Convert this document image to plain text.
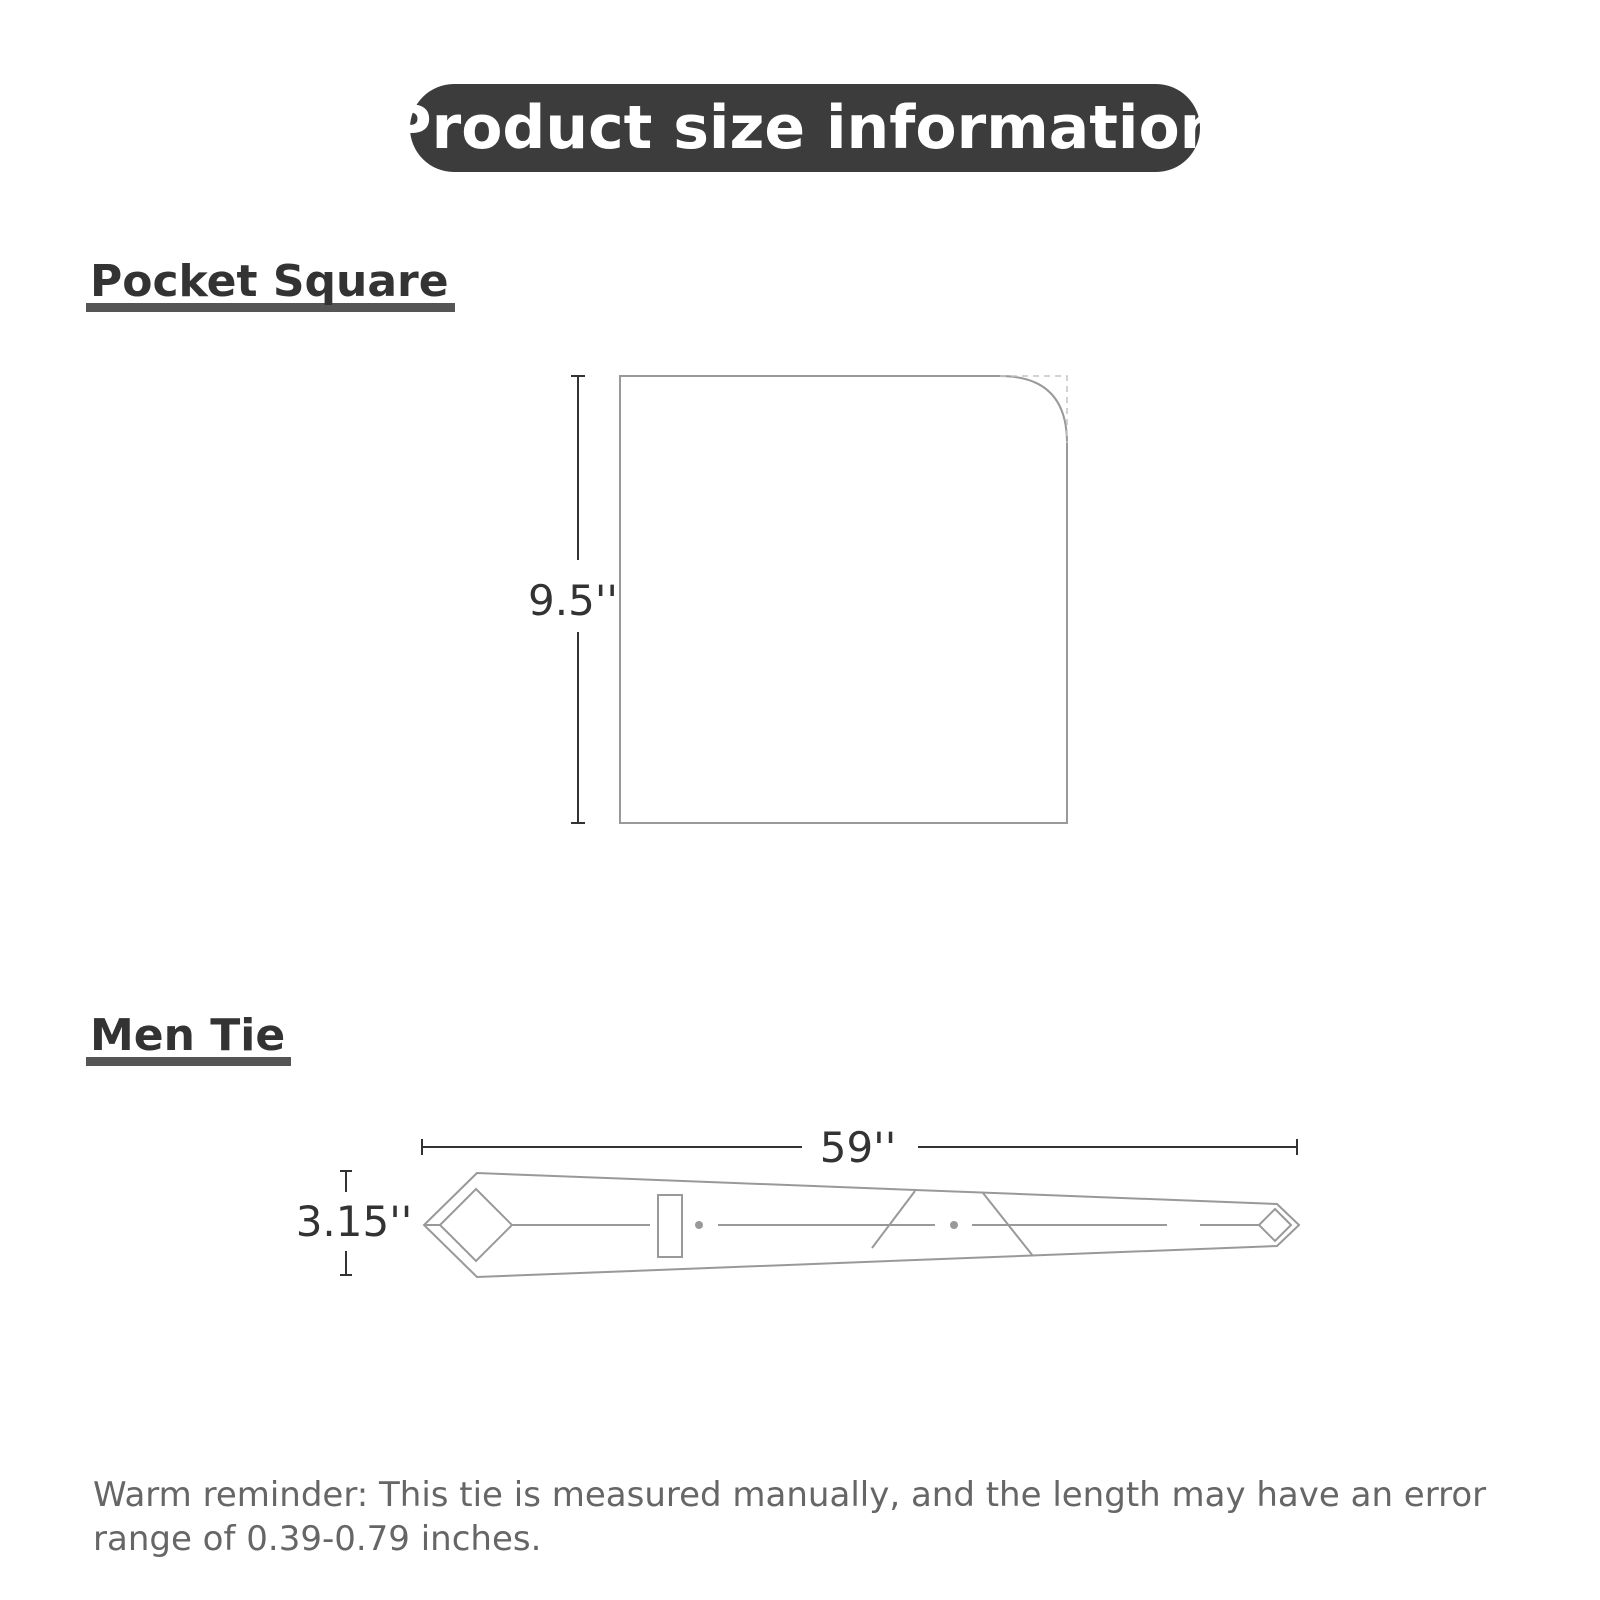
Product size information
Pocket Square
Men Tie
9.5''
59''
3.15''
Warm reminder: This tie is measured manually, and the length may have an error range of 0.39-0.79 inches.
